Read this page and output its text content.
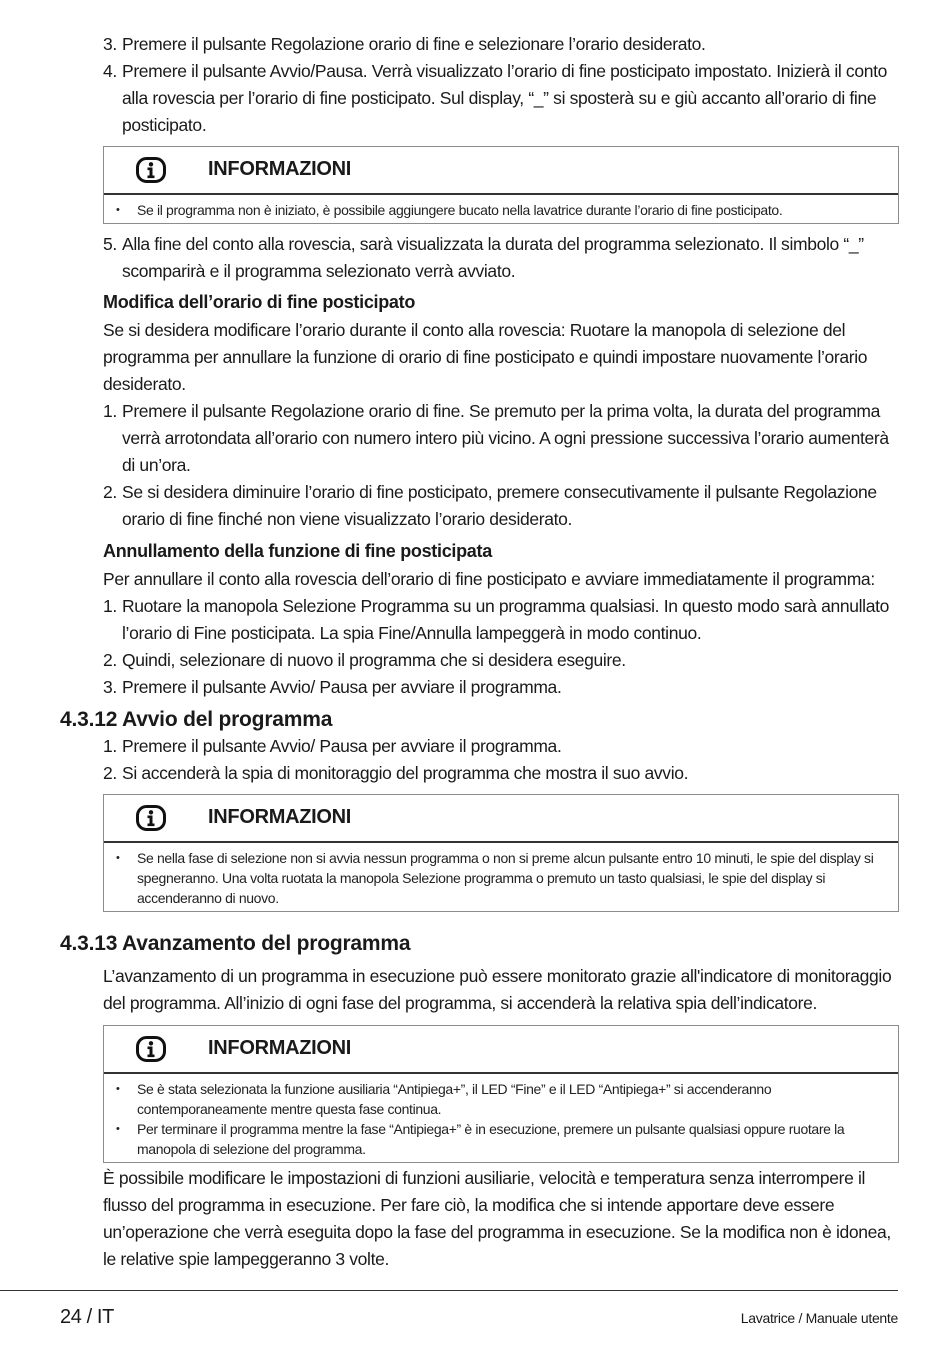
3. Premere il pulsante Regolazione orario di fine e selezionare l’orario desiderato.
4. Premere il pulsante Avvio/Pausa. Verrà visualizzato l’orario di fine posticipato impostato. Inizierà il conto alla rovescia per l’orario di fine posticipato. Sul display, “_” si sposterà su e giù accanto all’orario di fine posticipato.
INFORMAZIONI
• Se il programma non è iniziato, è possibile aggiungere bucato nella lavatrice durante l’orario di fine posticipato.
5. Alla fine del conto alla rovescia, sarà visualizzata la durata del programma selezionato. Il simbolo “_” scomparirà e il programma selezionato verrà avviato.
Modifica dell’orario di fine posticipato
Se si desidera modificare l’orario durante il conto alla rovescia: Ruotare la manopola di selezione del programma per annullare la funzione di orario di fine posticipato e quindi impostare nuovamente l’orario desiderato.
1. Premere il pulsante Regolazione orario di fine. Se premuto per la prima volta, la durata del programma verrà arrotondata all’orario con numero intero più vicino. A ogni pressione successiva l’orario aumenterà di un’ora.
2. Se si desidera diminuire l’orario di fine posticipato, premere consecutivamente il pulsante Regolazione orario di fine finché non viene visualizzato l’orario desiderato.
Annullamento della funzione di fine posticipata
Per annullare il conto alla rovescia dell’orario di fine posticipato e avviare immediatamente il programma:
1. Ruotare la manopola Selezione Programma su un programma qualsiasi. In questo modo sarà annullato l’orario di Fine posticipata. La spia Fine/Annulla lampeggerà in modo continuo.
2. Quindi, selezionare di nuovo il programma che si desidera eseguire.
3. Premere il pulsante Avvio/ Pausa per avviare il programma.
4.3.12 Avvio del programma
1. Premere il pulsante Avvio/ Pausa per avviare il programma.
2. Si accenderà la spia di monitoraggio del programma che mostra il suo avvio.
INFORMAZIONI
• Se nella fase di selezione non si avvia nessun programma o non si preme alcun pulsante entro 10 minuti, le spie del display si spegneranno. Una volta ruotata la manopola Selezione programma o premuto un tasto qualsiasi, le spie del display si accenderanno di nuovo.
4.3.13 Avanzamento del programma
L’avanzamento di un programma in esecuzione può essere monitorato grazie all'indicatore di monitoraggio del programma. All’inizio di ogni fase del programma, si accenderà la relativa spia dell’indicatore.
INFORMAZIONI
• Se è stata selezionata la funzione ausiliaria “Antipiega+”, il LED “Fine” e il LED “Antipiega+” si accenderanno contemporaneamente mentre questa fase continua.
• Per terminare il programma mentre la fase “Antipiega+” è in esecuzione, premere un pulsante qualsiasi oppure ruotare la manopola di selezione del programma.
È possibile modificare le impostazioni di funzioni ausiliarie, velocità e temperatura senza interrompere il flusso del programma in esecuzione. Per fare ciò, la modifica che si intende apportare deve essere un’operazione che verrà eseguita dopo la fase del programma in esecuzione. Se la modifica non è idonea, le relative spie lampeggeranno 3 volte.
24 / IT	Lavatrice / Manuale utente
